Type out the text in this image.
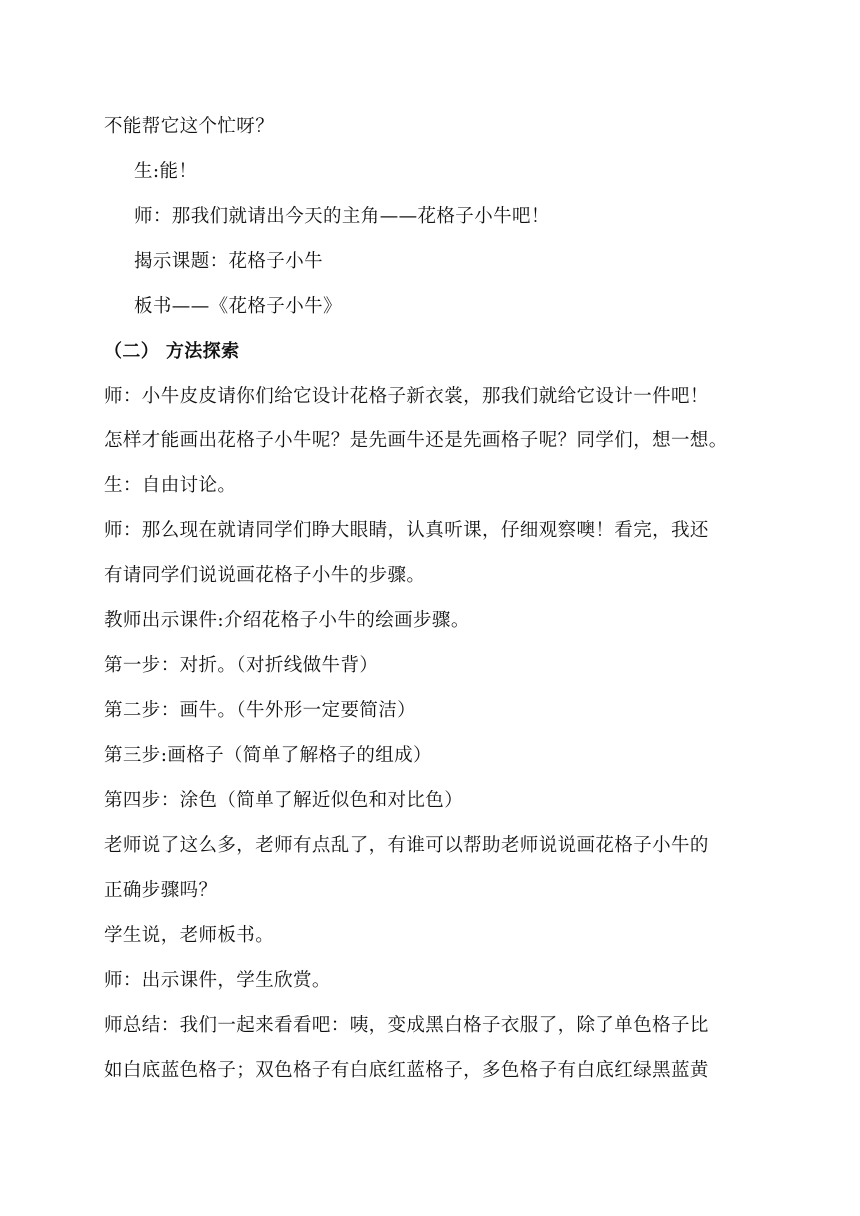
不能帮它这个忙呀？
生:能！
师：那我们就请出今天的主角——花格子小牛吧！
揭示课题：花格子小牛
板书——《花格子小牛》
（二） 方法探索
师：小牛皮皮请你们给它设计花格子新衣裳，那我们就给它设计一件吧！
怎样才能画出花格子小牛呢？是先画牛还是先画格子呢？同学们，想一想。
生：自由讨论。
师：那么现在就请同学们睁大眼睛，认真听课，仔细观察噢！看完，我还
有请同学们说说画花格子小牛的步骤。
教师出示课件:介绍花格子小牛的绘画步骤。
第一步：对折。（对折线做牛背）
第二步：画牛。（牛外形一定要简洁）
第三步:画格子（简单了解格子的组成）
第四步：涂色（简单了解近似色和对比色）
老师说了这么多，老师有点乱了，有谁可以帮助老师说说画花格子小牛的
正确步骤吗？
学生说，老师板书。
师：出示课件，学生欣赏。
师总结：我们一起来看看吧：咦，变成黑白格子衣服了，除了单色格子比
如白底蓝色格子；双色格子有白底红蓝格子，多色格子有白底红绿黑蓝黄
